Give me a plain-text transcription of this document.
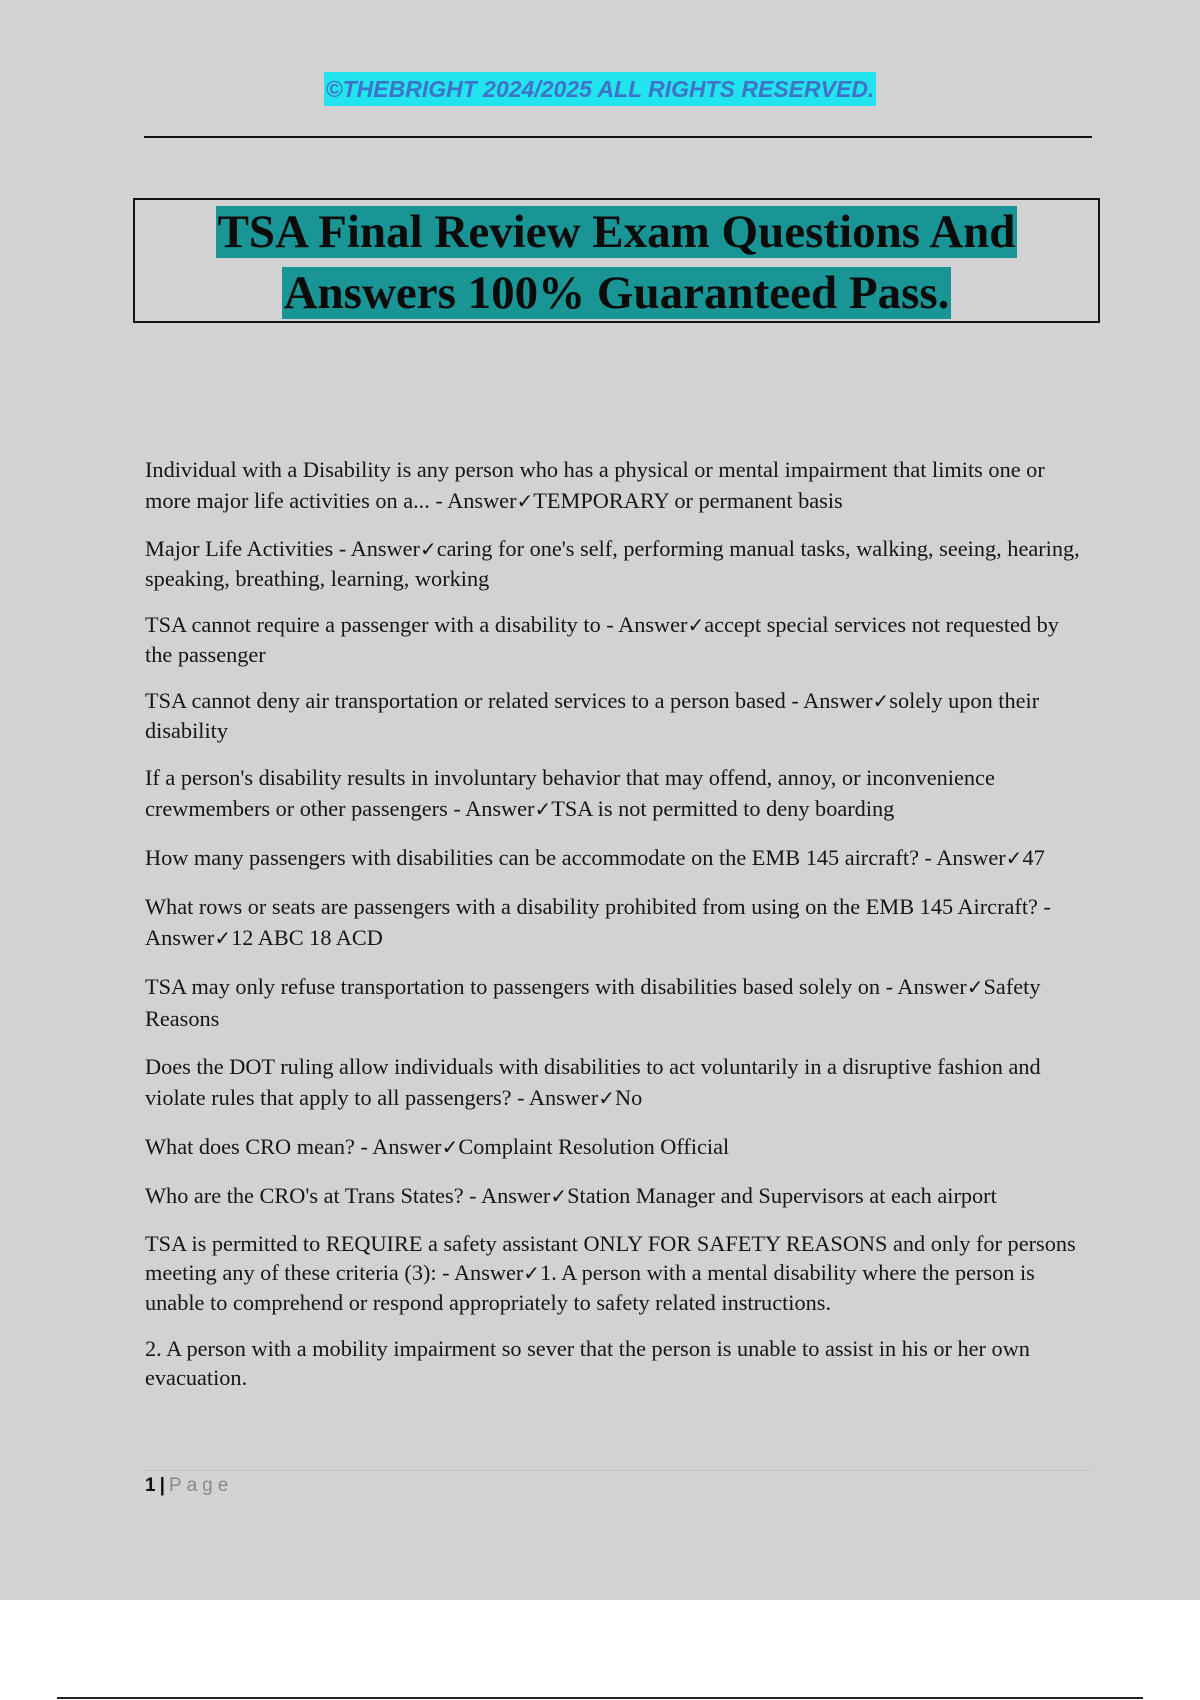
©THEBRIGHT 2024/2025 ALL RIGHTS RESERVED.

TSA Final Review Exam Questions And
Answers 100% Guaranteed Pass.

Individual with a Disability is any person who has a physical or mental impairment that limits one or more major life activities on a... - Answer✓TEMPORARY or permanent basis

Major Life Activities - Answer✓caring for one's self, performing manual tasks, walking, seeing, hearing, speaking, breathing, learning, working

TSA cannot require a passenger with a disability to - Answer✓accept special services not requested by the passenger

TSA cannot deny air transportation or related services to a person based - Answer✓solely upon their disability

If a person's disability results in involuntary behavior that may offend, annoy, or inconvenience crewmembers or other passengers - Answer✓TSA is not permitted to deny boarding

How many passengers with disabilities can be accommodate on the EMB 145 aircraft? - Answer✓47

What rows or seats are passengers with a disability prohibited from using on the EMB 145 Aircraft? - Answer✓12 ABC 18 ACD

TSA may only refuse transportation to passengers with disabilities based solely on - Answer✓Safety Reasons

Does the DOT ruling allow individuals with disabilities to act voluntarily in a disruptive fashion and violate rules that apply to all passengers? - Answer✓No

What does CRO mean? - Answer✓Complaint Resolution Official

Who are the CRO's at Trans States? - Answer✓Station Manager and Supervisors at each airport

TSA is permitted to REQUIRE a safety assistant ONLY FOR SAFETY REASONS and only for persons meeting any of these criteria (3): - Answer✓1. A person with a mental disability where the person is unable to comprehend or respond appropriately to safety related instructions.

2. A person with a mobility impairment so sever that the person is unable to assist in his or her own evacuation.

1 | Page
